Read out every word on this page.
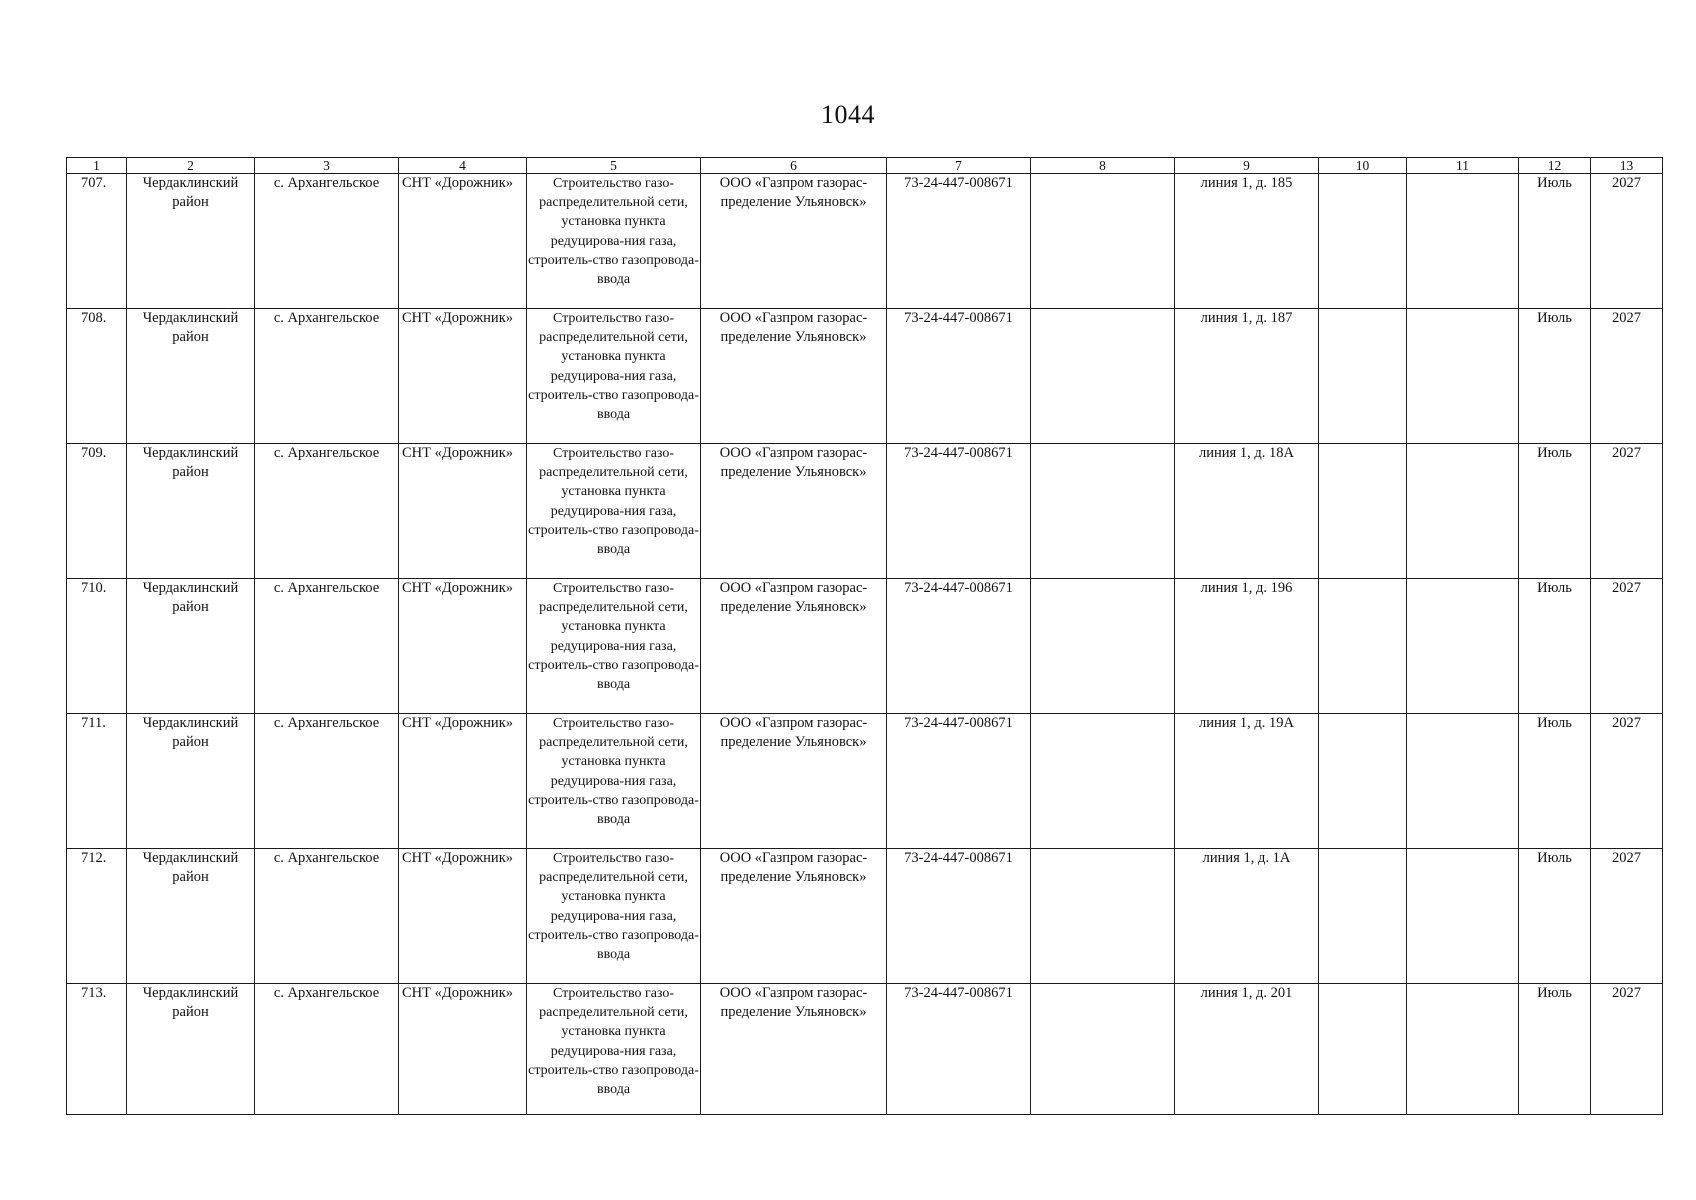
1044
1	2	3	4	5	6	7	8	9	10	11	12	13
707.	Чердаклинский район	с. Архангельское	СНТ «Дорожник»	Строительство газо-распределительной сети, установка пункта редуцирова-ния газа, строитель-ство газопровода-ввода	ООО «Газпром газорас-пределение Ульяновск»	73-24-447-008671		линия 1, д. 185			Июль	2027
708.	Чердаклинский район	с. Архангельское	СНТ «Дорожник»	Строительство газо-распределительной сети, установка пункта редуцирова-ния газа, строитель-ство газопровода-ввода	ООО «Газпром газорас-пределение Ульяновск»	73-24-447-008671		линия 1, д. 187			Июль	2027
709.	Чердаклинский район	с. Архангельское	СНТ «Дорожник»	Строительство газо-распределительной сети, установка пункта редуцирова-ния газа, строитель-ство газопровода-ввода	ООО «Газпром газорас-пределение Ульяновск»	73-24-447-008671		линия 1, д. 18А			Июль	2027
710.	Чердаклинский район	с. Архангельское	СНТ «Дорожник»	Строительство газо-распределительной сети, установка пункта редуцирова-ния газа, строитель-ство газопровода-ввода	ООО «Газпром газорас-пределение Ульяновск»	73-24-447-008671		линия 1, д. 196			Июль	2027
711.	Чердаклинский район	с. Архангельское	СНТ «Дорожник»	Строительство газо-распределительной сети, установка пункта редуцирова-ния газа, строитель-ство газопровода-ввода	ООО «Газпром газорас-пределение Ульяновск»	73-24-447-008671		линия 1, д. 19А			Июль	2027
712.	Чердаклинский район	с. Архангельское	СНТ «Дорожник»	Строительство газо-распределительной сети, установка пункта редуцирова-ния газа, строитель-ство газопровода-ввода	ООО «Газпром газорас-пределение Ульяновск»	73-24-447-008671		линия 1, д. 1А			Июль	2027
713.	Чердаклинский район	с. Архангельское	СНТ «Дорожник»	Строительство газо-распределительной сети, установка пункта редуцирова-ния газа, строитель-ство газопровода-ввода	ООО «Газпром газорас-пределение Ульяновск»	73-24-447-008671		линия 1, д. 201			Июль	2027
